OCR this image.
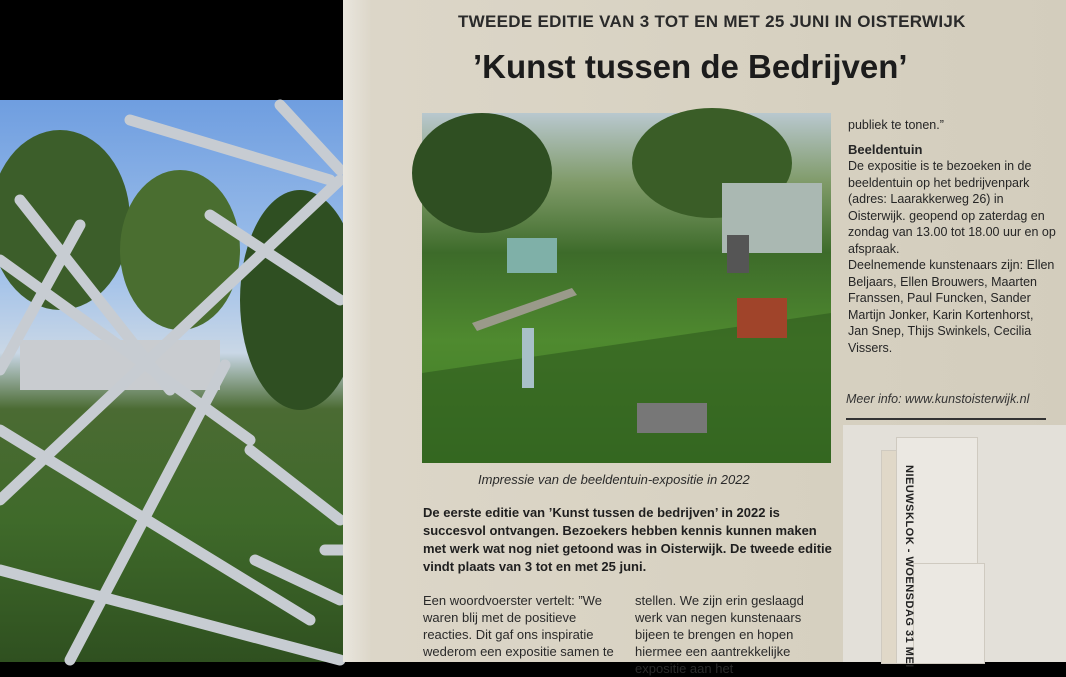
TWEEDE EDITIE VAN 3 TOT EN MET 25 JUNI IN OISTERWIJK
’Kunst tussen de Bedrijven’
Impressie van de beeldentuin-expositie in 2022
De eerste editie van ’Kunst tussen de bedrijven’ in 2022 is succesvol ontvangen. Bezoekers hebben kennis kunnen maken met werk wat nog niet getoond was in Oisterwijk. De tweede editie vindt plaats van 3 tot en met 25 juni.
Een woordvoerster vertelt: ”We waren blij met de positieve reacties. Dit gaf ons inspiratie wederom een expositie samen te
stellen. We zijn erin geslaagd werk van negen kunstenaars bijeen te brengen en hopen hiermee een aantrekkelijke expositie aan het

publiek te tonen.”

Beeldentuin

De expositie is te bezoeken in de beeldentuin op het bedrijvenpark (adres: Laarakkerweg 26) in Oisterwijk. geopend op zaterdag en zondag van 13.00 tot 18.00 uur en op afspraak.

Deelnemende kunstenaars zijn: Ellen Beljaars, Ellen Brouwers, Maarten Franssen, Paul Funcken, Sander Martijn Jonker, Karin Kortenhorst, Jan Snep, Thijs Swinkels, Cecilia Vissers.

Meer info: www.kunstoisterwijk.nl
NIEUWSKLOK - WOENSDAG 31 MEI
